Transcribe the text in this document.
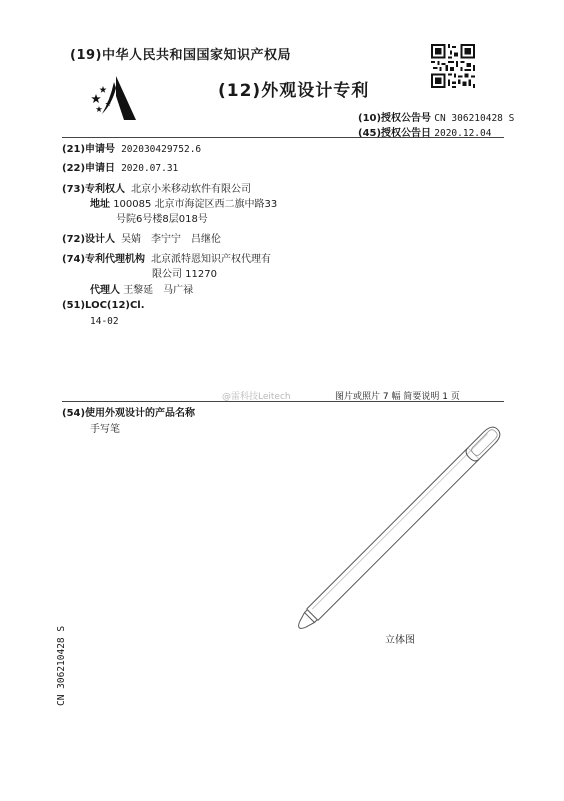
(19)中华人民共和国国家知识产权局
(12)外观设计专利
(10)授权公告号 CN 306210428 S
(45)授权公告日 2020.12.04
(21)申请号 202030429752.6
(22)申请日 2020.07.31
(73)专利权人 北京小米移动软件有限公司
地址 100085 北京市海淀区西二旗中路33
号院6号楼8层018号
(72)设计人 吴婧　李宁宁　吕继伦
(74)专利代理机构 北京派特恩知识产权代理有
限公司 11270
代理人 王黎延　马广禄
(51)LOC(12)Cl.
14-02
@雷科技Leitech	图片或照片 7 幅 简要说明 1 页
(54)使用外观设计的产品名称
手写笔
立体图
CN 306210428 S
